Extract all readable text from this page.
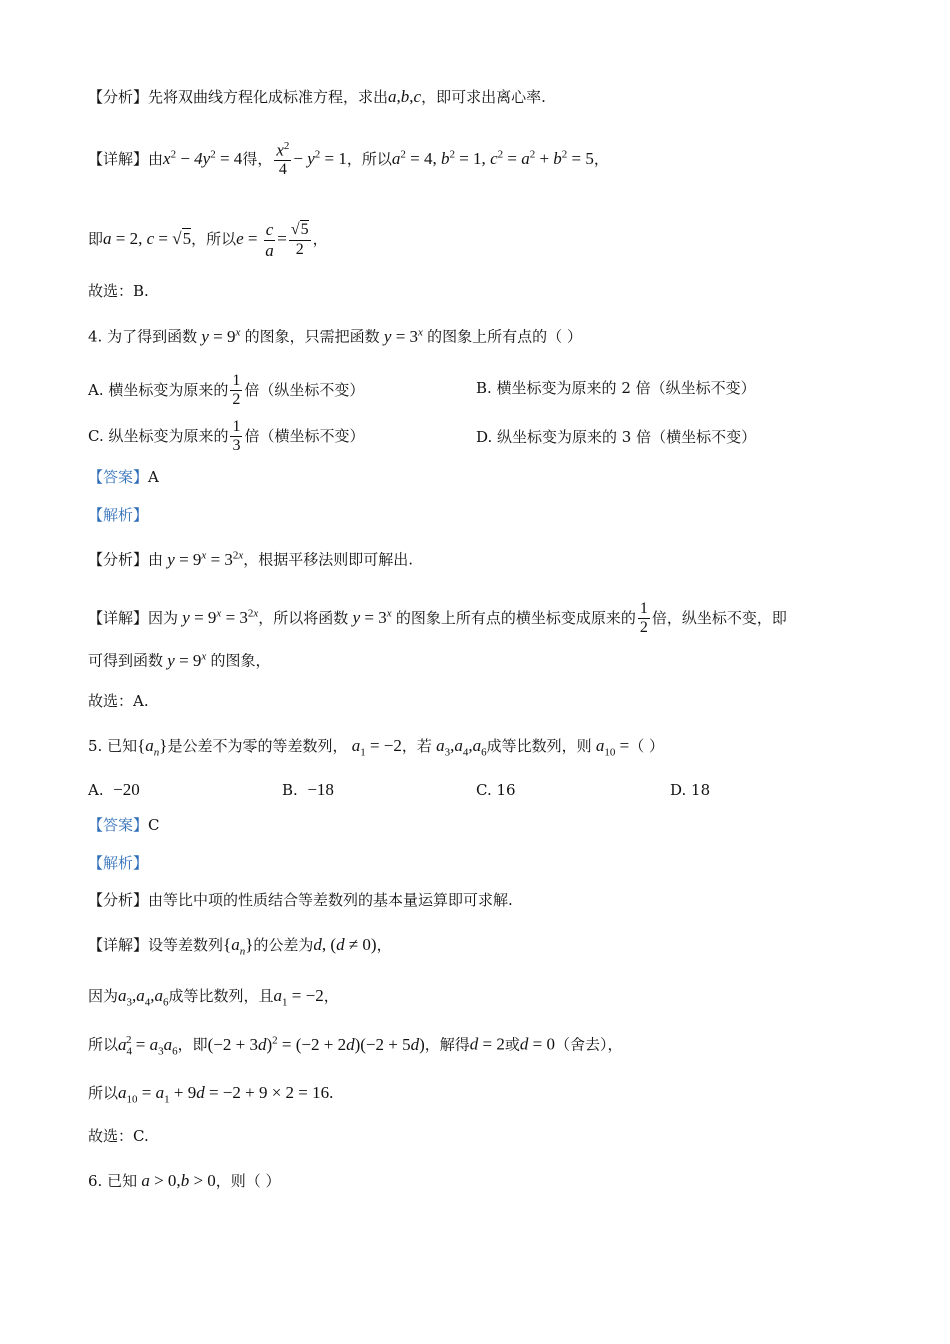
【分析】先将双曲线方程化成标准方程，求出a,b,c，即可求出离心率.
【详解】由$x^2 - 4y^2 = 4$得， $\frac{x^2}{4} - y^2 = 1$，所以$a^2 = 4$, $b^2 = 1$, $c^2 = a^2 + b^2 = 5$，
即a = 2, c = √5，所以$e = \frac{c}{a} = \frac{√5}{2}$ ，
故选：B.
4. 为了得到函数 $y = 9^x$ 的图象，只需把函数 $y = 3^x$ 的图象上所有点的（ ）
A. 横坐标变为原来的 $\frac{1}{2}$ 倍（纵坐标不变）	B. 横坐标变为原来的 2 倍（纵坐标不变）
C. 纵坐标变为原来的 $\frac{1}{3}$ 倍（横坐标不变）	D. 纵坐标变为原来的 3 倍（横坐标不变）
【答案】A
【解析】
【分析】由 $y = 9^x = 3^{2x}$，根据平移法则即可解出.
【详解】因为 $y = 9^x = 3^{2x}$，所以将函数 $y = 3^x$ 的图象上所有点的横坐标变成原来的 $\frac{1}{2}$ 倍，纵坐标不变，即
可得到函数 $y = 9^x$ 的图象，
故选：A.
5. 已知$\{a_n\}$是公差不为零的等差数列， $a_1 = -2$，若 $a_3,a_4,a_6$成等比数列，则 $a_{10}$ =（ ）
A. −20	B. −18	C. 16	D. 18
【答案】C
【解析】
【分析】由等比中项的性质结合等差数列的基本量运算即可求解.
【详解】设等差数列$\{a_n\}$的公差为d, (d ≠ 0)，
因为$a_3,a_4,a_6$成等比数列，且$a_1 = -2$，
所以$a_4^2 = a_3a_6$，即$(-2 + 3d)^2 = (-2 + 2d)(-2 + 5d)$，解得d = 2或d = 0（舍去），
所以$a_{10} = a_1 + 9d = -2 + 9 \times 2 = 16$.
故选：C.
6. 已知 a > 0,b > 0，则（ ）
